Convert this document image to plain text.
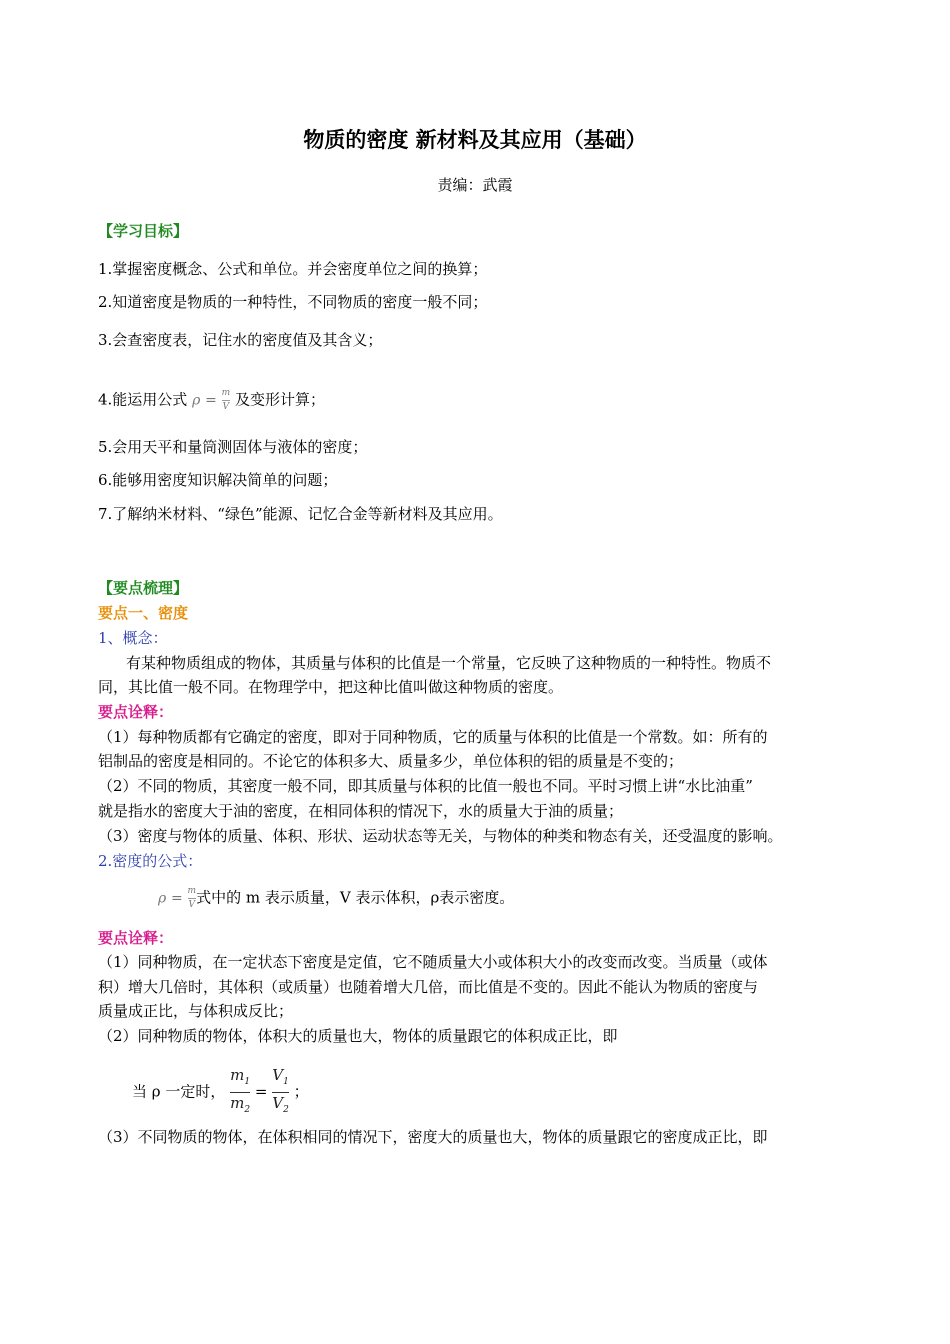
物质的密度 新材料及其应用（基础）
责编：武霞
【学习目标】
1.掌握密度概念、公式和单位。并会密度单位之间的换算；
2.知道密度是物质的一种特性，不同物质的密度一般不同；
3.会查密度表，记住水的密度值及其含义；
4.能运用公式 $\rho = \frac{m}{V}$ 及变形计算；
5.会用天平和量筒测固体与液体的密度；
6.能够用密度知识解决简单的问题；
7.了解纳米材料、“绿色”能源、记忆合金等新材料及其应用。
【要点梳理】
要点一、密度
1、概念：
有某种物质组成的物体，其质量与体积的比值是一个常量，它反映了这种物质的一种特性。物质不
同，其比值一般不同。在物理学中，把这种比值叫做这种物质的密度。
要点诠释：
（1）每种物质都有它确定的密度，即对于同种物质，它的质量与体积的比值是一个常数。如：所有的
铝制品的密度是相同的。不论它的体积多大、质量多少，单位体积的铝的质量是不变的；
（2）不同的物质，其密度一般不同，即其质量与体积的比值一般也不同。平时习惯上讲“水比油重”
就是指水的密度大于油的密度，在相同体积的情况下，水的质量大于油的质量；
（3）密度与物体的质量、体积、形状、运动状态等无关，与物体的种类和物态有关，还受温度的影响。
2.密度的公式：
$\rho = \frac{m}{V}$ 式中的 m 表示质量，V 表示体积，ρ表示密度。
要点诠释：
（1）同种物质，在一定状态下密度是定值，它不随质量大小或体积大小的改变而改变。当质量（或体
积）增大几倍时，其体积（或质量）也随着增大几倍，而比值是不变的。因此不能认为物质的密度与
质量成正比，与体积成反比；
（2）同种物质的物体，体积大的质量也大，物体的质量跟它的体积成正比，即
当 ρ 一定时， $\frac{m_1}{m_2} = \frac{V_1}{V_2}$ ；
（3）不同物质的物体，在体积相同的情况下，密度大的质量也大，物体的质量跟它的密度成正比，即
